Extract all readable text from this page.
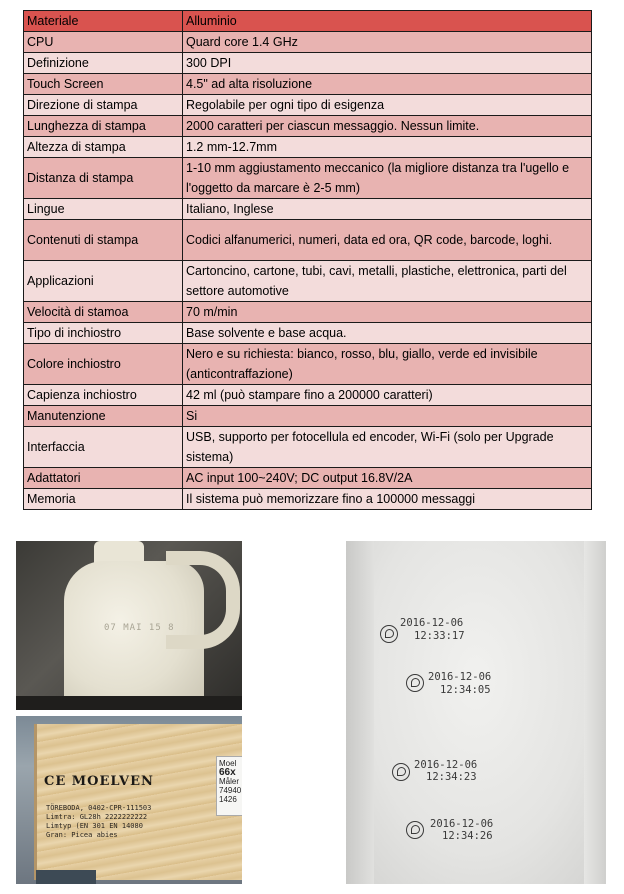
Materiale	Alluminio
CPU	Quard core 1.4 GHz
Definizione	300 DPI
Touch Screen	4.5" ad alta risoluzione
Direzione di stampa	Regolabile per ogni tipo di esigenza
Lunghezza di stampa	2000 caratteri per ciascun messaggio. Nessun limite.
Altezza di stampa	1.2 mm-12.7mm
Distanza di stampa	1-10 mm aggiustamento meccanico (la migliore distanza tra l'ugello e l'oggetto da marcare è 2-5 mm)
Lingue	Italiano, Inglese
Contenuti di stampa	Codici alfanumerici, numeri, data ed ora, QR code, barcode, loghi.
Applicazioni	Cartoncino, cartone, tubi, cavi, metalli, plastiche, elettronica, parti del settore automotive
Velocità di stamoa	70 m/min
Tipo di inchiostro	Base solvente e base acqua.
Colore inchiostro	Nero e su richiesta: bianco, rosso, blu, giallo, verde ed invisibile (anticontraffazione)
Capienza inchiostro	42 ml (può stampare fino a 200000 caratteri)
Manutenzione	Si
Interfaccia	USB, supporto per fotocellula ed encoder, Wi-Fi (solo per Upgrade sistema)
Adattatori	AC input 100~240V; DC output 16.8V/2A
Memoria	Il sistema può memorizzare fino a 100000 messaggi
07 MAI 15 8
CE MOELVEN
TÖREBODA, 0402-CPR-111503
Limtra: GL28h 2222222222
Limtyp (EN 301 EN 14080
Gran: Picea abies
Moel
66x
Måler
74940
1426
2016-12-06
12:33:17
2016-12-06
12:34:05
2016-12-06
12:34:23
2016-12-06
12:34:26
